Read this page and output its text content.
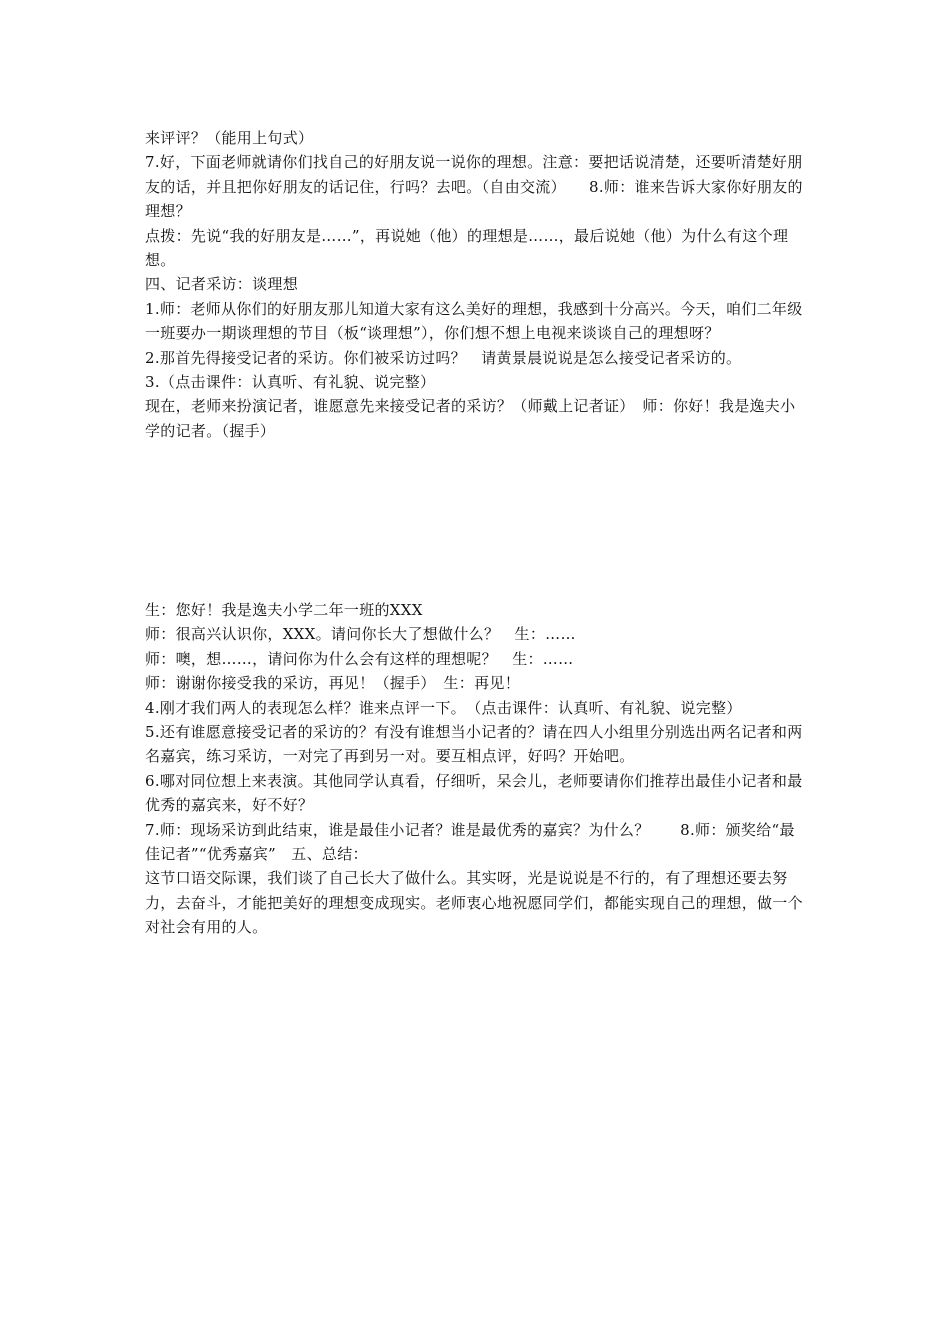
来评评？（能用上句式）

7.好，下面老师就请你们找自己的好朋友说一说你的理想。注意：要把话说清楚，还要听清楚好朋友的话，并且把你好朋友的话记住，行吗？去吧。（自由交流）　　8.师：谁来告诉大家你好朋友的理想？

点拨：先说“我的好朋友是……”，再说她（他）的理想是……，最后说她（他）为什么有这个理想。

四、记者采访：谈理想

1.师：老师从你们的好朋友那儿知道大家有这么美好的理想，我感到十分高兴。今天，咱们二年级一班要办一期谈理想的节目（板“谈理想”），你们想不想上电视来谈谈自己的理想呀？

2.那首先得接受记者的采访。你们被采访过吗？　请黄景晨说说是怎么接受记者采访的。

3.（点击课件：认真听、有礼貌、说完整）

现在，老师来扮演记者，谁愿意先来接受记者的采访？（师戴上记者证）　师：你好！我是逸夫小学的记者。（握手）

生：您好！我是逸夫小学二年一班的XXX

师：很高兴认识你，XXX。请问你长大了想做什么？　生：……

师：噢，想……，请问你为什么会有这样的理想呢？　生：……

师：谢谢你接受我的采访，再见！（握手）　生：再见！

4.刚才我们两人的表现怎么样？谁来点评一下。　（点击课件：认真听、有礼貌、说完整）

5.还有谁愿意接受记者的采访的？有没有谁想当小记者的？请在四人小组里分别选出两名记者和两名嘉宾，练习采访，一对完了再到另一对。要互相点评，好吗？开始吧。

6.哪对同位想上来表演。其他同学认真看，仔细听，呆会儿，老师要请你们推荐出最佳小记者和最优秀的嘉宾来，好不好？

7.师：现场采访到此结束，谁是最佳小记者？谁是最优秀的嘉宾？为什么？　　8.师：颁奖给“最佳记者”“优秀嘉宾”　五、总结：

这节口语交际课，我们谈了自己长大了做什么。其实呀，光是说说是不行的，有了理想还要去努力，去奋斗，才能把美好的理想变成现实。老师衷心地祝愿同学们，都能实现自己的理想，做一个对社会有用的人。
